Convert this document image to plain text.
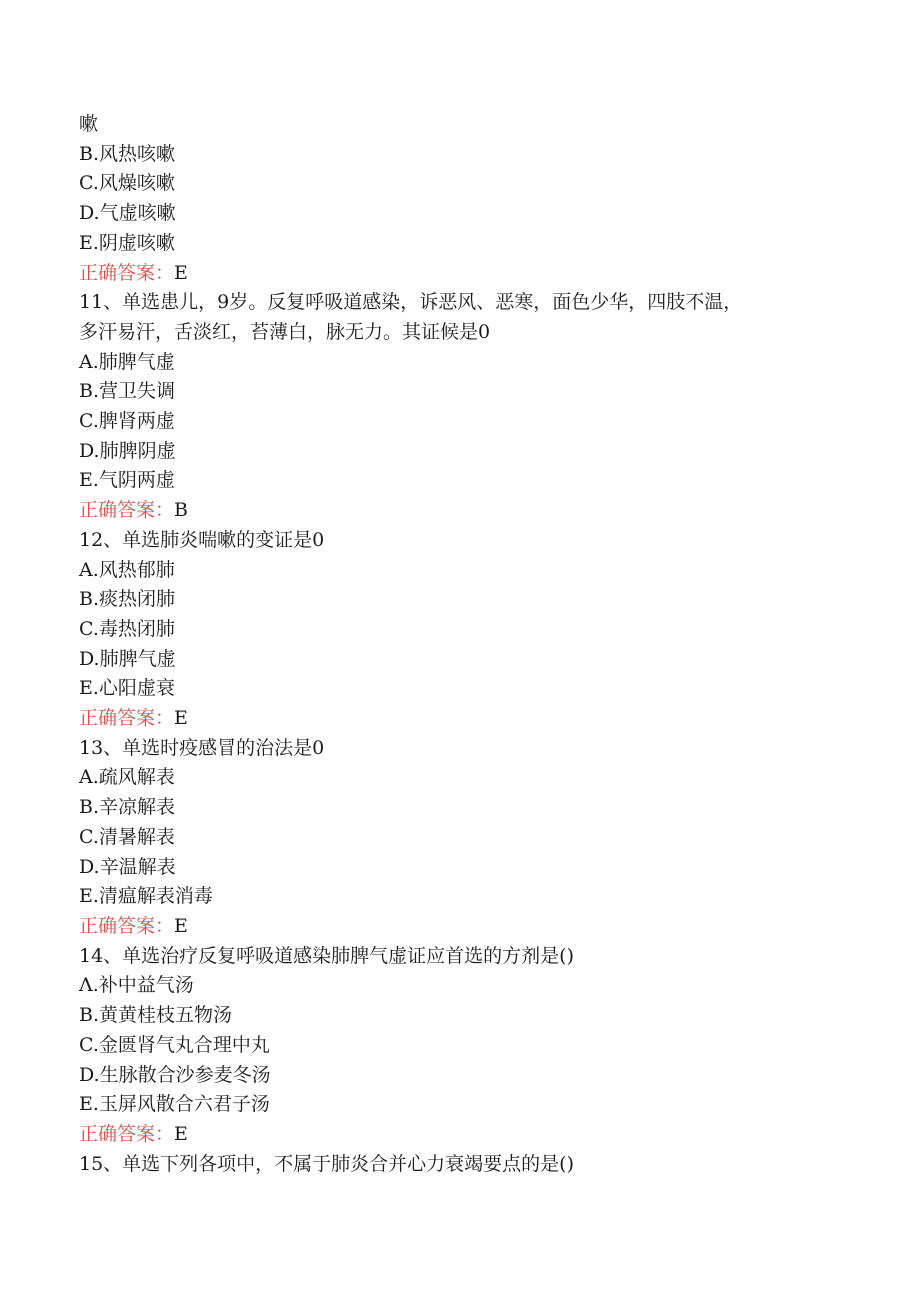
嗽
B.风热咳嗽
C.风燥咳嗽
D.气虚咳嗽
E.阴虚咳嗽
正确答案：E
11、单选患儿，9岁。反复呼吸道感染，诉恶风、恶寒，面色少华，四肢不温，
多汗易汗，舌淡红，苔薄白，脉无力。其证候是0
A.肺脾气虚
B.营卫失调
C.脾肾两虚
D.肺脾阴虚
E.气阴两虚
正确答案：B
12、单选肺炎喘嗽的变证是0
A.风热郁肺
B.痰热闭肺
C.毒热闭肺
D.肺脾气虚
E.心阳虚衰
正确答案：E
13、单选时疫感冒的治法是0
A.疏风解表
B.辛凉解表
C.清暑解表
D.辛温解表
E.清瘟解表消毒
正确答案：E
14、单选治疗反复呼吸道感染肺脾气虚证应首选的方剂是()
Λ.补中益气汤
B.黄黄桂枝五物汤
C.金匮肾气丸合理中丸
D.生脉散合沙参麦冬汤
E.玉屏风散合六君子汤
正确答案：E
15、单选下列各项中，不属于肺炎合并心力衰竭要点的是()
